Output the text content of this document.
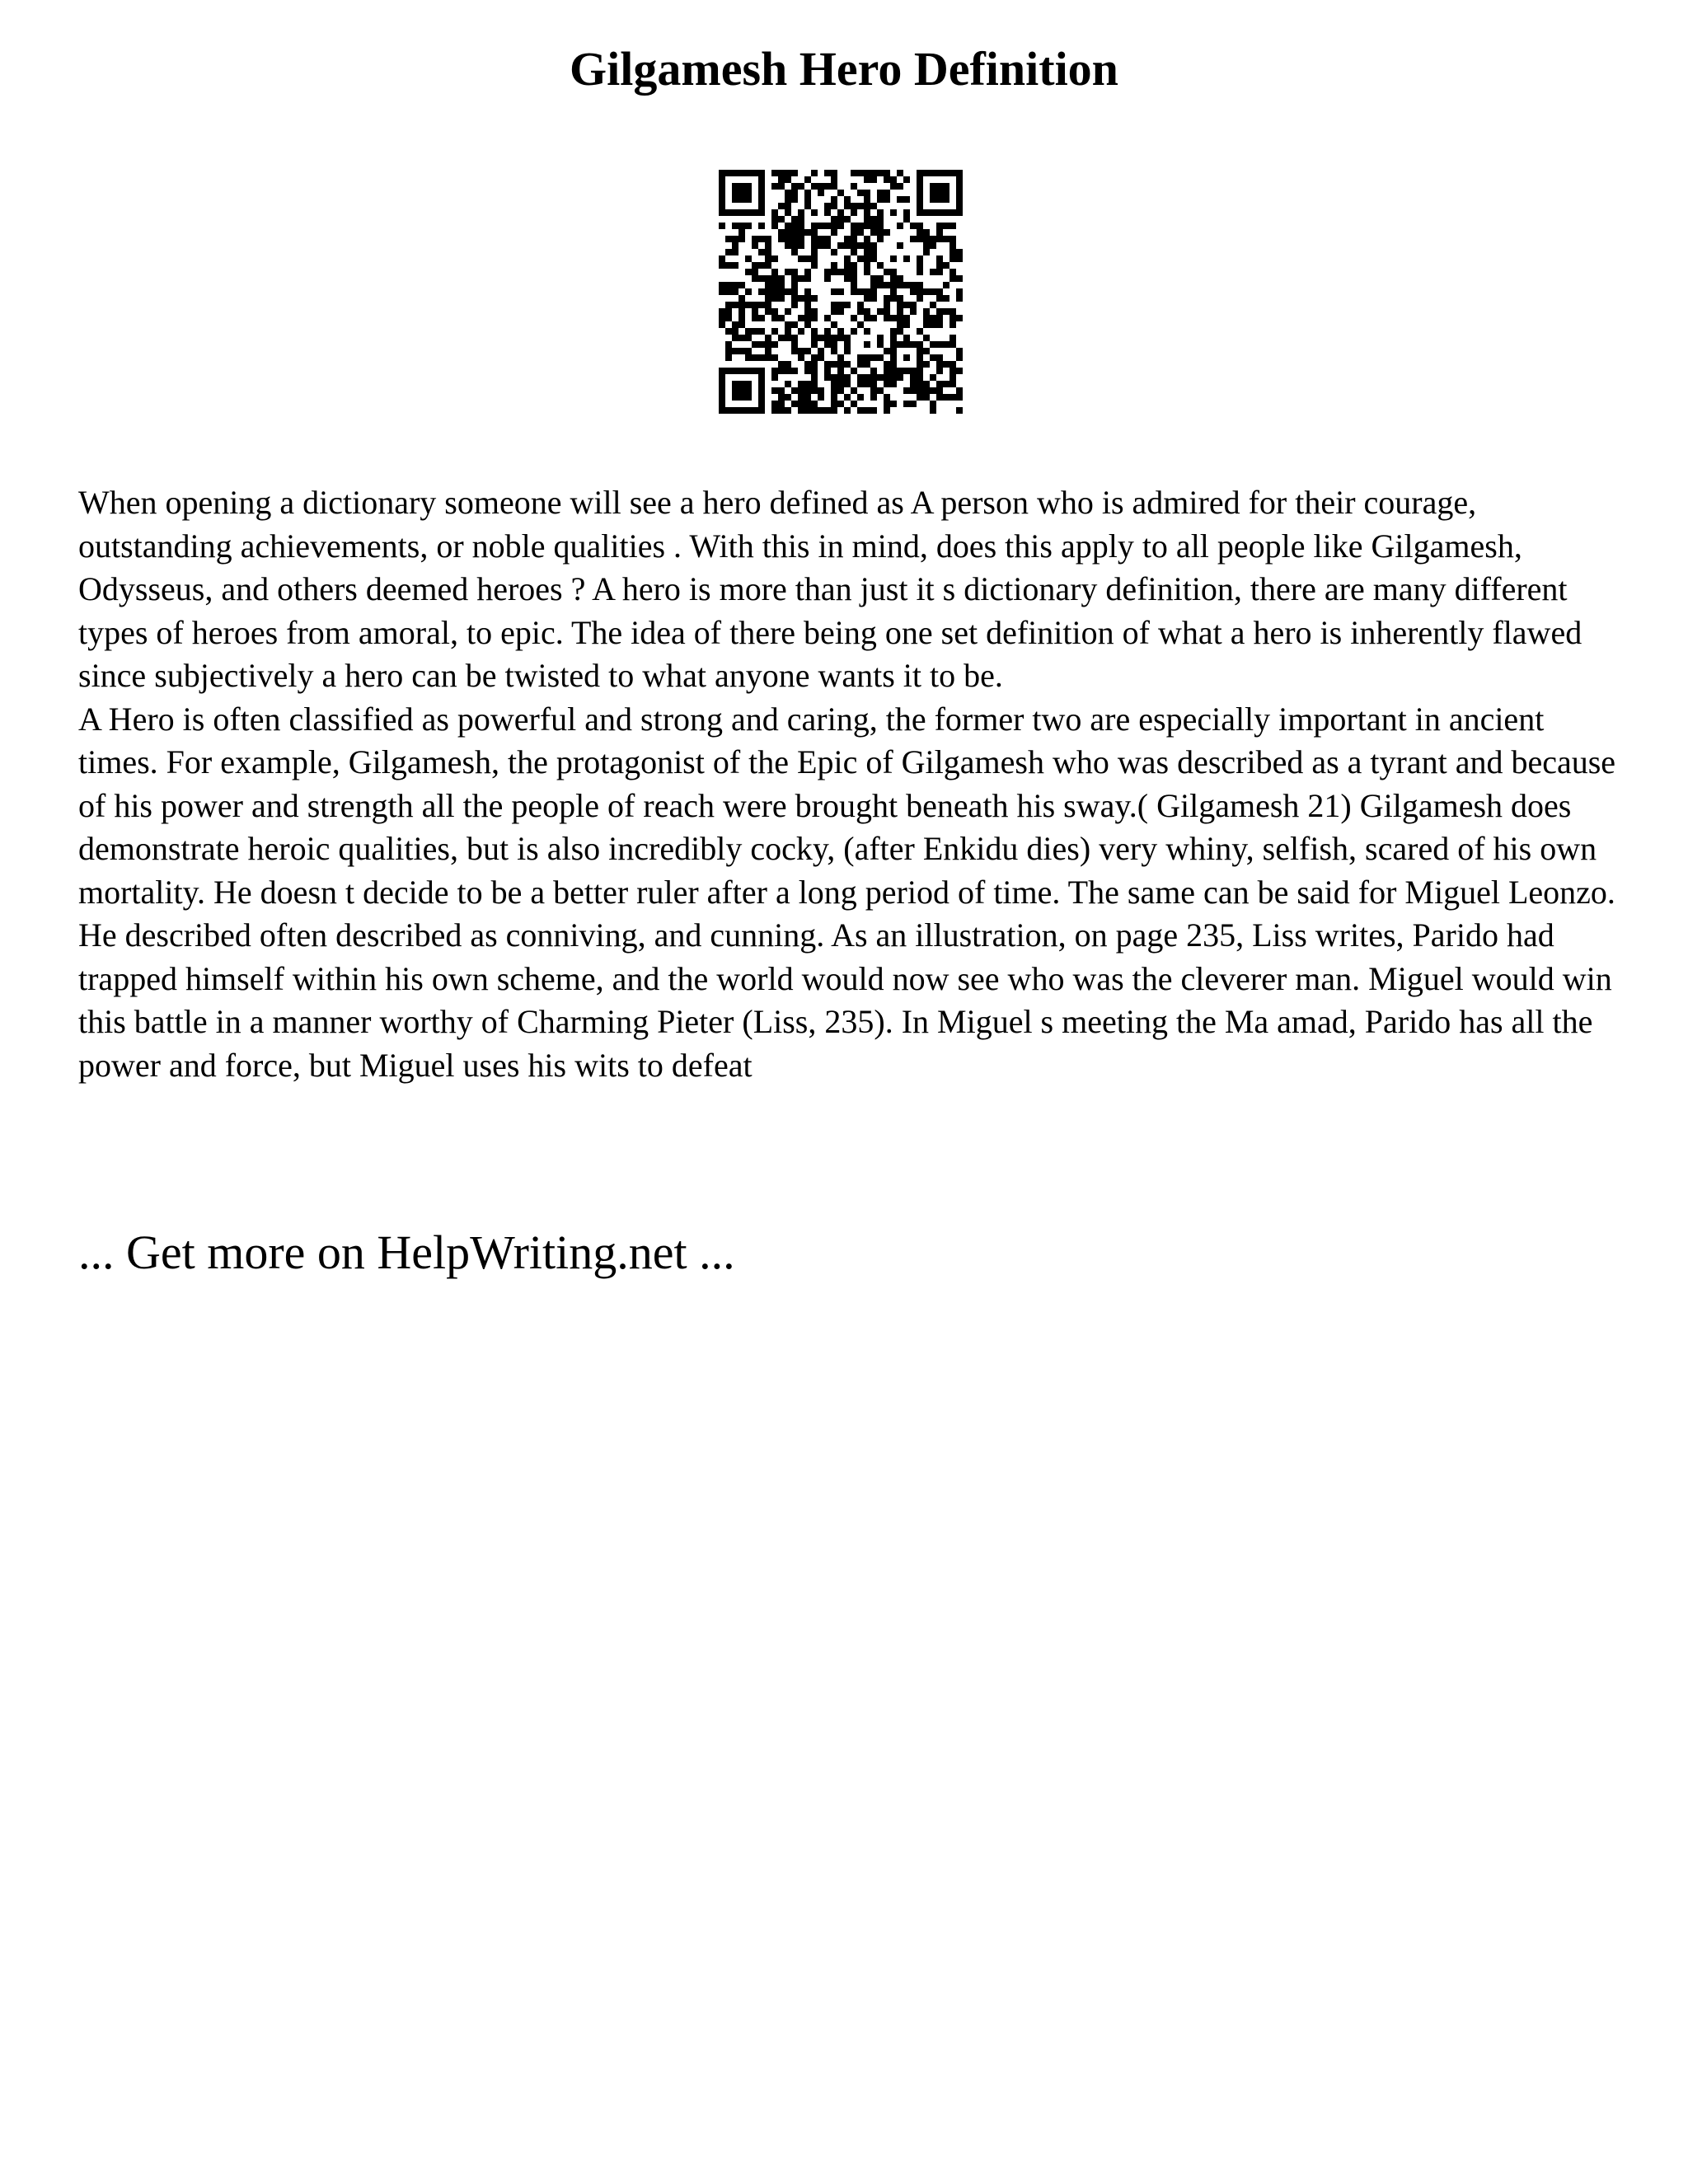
Gilgamesh Hero Definition

When opening a dictionary someone will see a hero defined as A person who is admired for their courage, outstanding achievements, or noble qualities . With this in mind, does this apply to all people like Gilgamesh, Odysseus, and others deemed heroes ? A hero is more than just it s dictionary definition, there are many different types of heroes from amoral, to epic. The idea of there being one set definition of what a hero is inherently flawed since subjectively a hero can be twisted to what anyone wants it to be.

A Hero is often classified as powerful and strong and caring, the former two are especially important in ancient times. For example, Gilgamesh, the protagonist of the Epic of Gilgamesh who was described as a tyrant and because of his power and strength all the people of reach were brought beneath his sway.( Gilgamesh 21) Gilgamesh does demonstrate heroic qualities, but is also incredibly cocky, (after Enkidu dies) very whiny, selfish, scared of his own mortality. He doesn t decide to be a better ruler after a long period of time. The same can be said for Miguel Leonzo. He described often described as conniving, and cunning. As an illustration, on page 235, Liss writes, Parido had trapped himself within his own scheme, and the world would now see who was the cleverer man. Miguel would win this battle in a manner worthy of Charming Pieter (Liss, 235). In Miguel s meeting the Ma amad, Parido has all the power and force, but Miguel uses his wits to defeat

... Get more on HelpWriting.net ...
